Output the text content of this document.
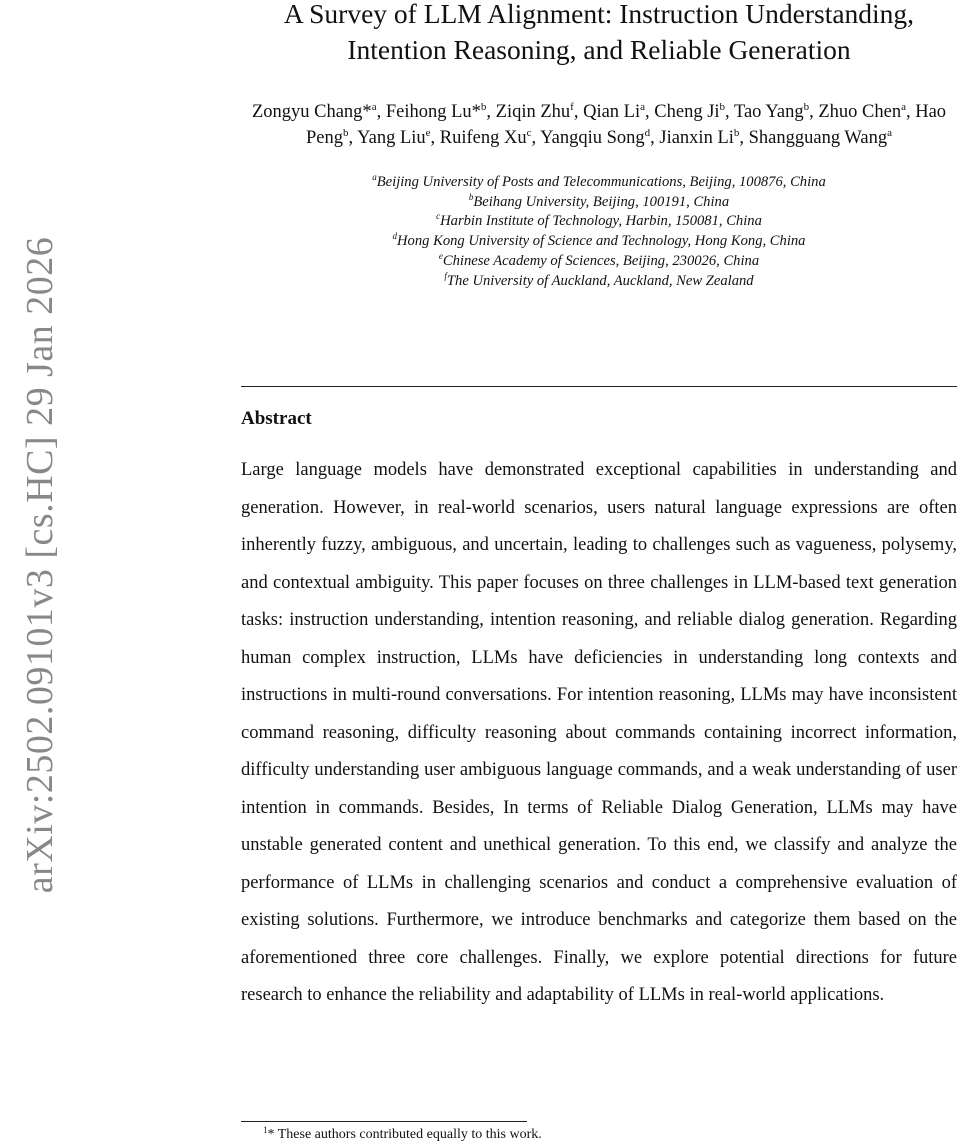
arXiv:2502.09101v3 [cs.HC] 29 Jan 2026
A Survey of LLM Alignment: Instruction Understanding, Intention Reasoning, and Reliable Generation
Zongyu Chang*$^a$, Feihong Lu*$^b$, Ziqin Zhu$^f$, Qian Li$^a$, Cheng Ji$^b$, Tao Yang$^b$, Zhuo Chen$^a$, Hao Peng$^b$, Yang Liu$^e$, Ruifeng Xu$^c$, Yangqiu Song$^d$, Jianxin Li$^b$, Shangguang Wang$^a$
$^a$Beijing University of Posts and Telecommunications, Beijing, 100876, China
$^b$Beihang University, Beijing, 100191, China
$^c$Harbin Institute of Technology, Harbin, 150081, China
$^d$Hong Kong University of Science and Technology, Hong Kong, China
$^e$Chinese Academy of Sciences, Beijing, 230026, China
$^f$The University of Auckland, Auckland, New Zealand
Abstract
Large language models have demonstrated exceptional capabilities in understanding and generation. However, in real-world scenarios, users natural language expressions are often inherently fuzzy, ambiguous, and uncertain, leading to challenges such as vagueness, polysemy, and contextual ambiguity. This paper focuses on three challenges in LLM-based text generation tasks: instruction understanding, intention reasoning, and reliable dialog generation. Regarding human complex instruction, LLMs have deficiencies in understanding long contexts and instructions in multi-round conversations. For intention reasoning, LLMs may have inconsistent command reasoning, difficulty reasoning about commands containing incorrect information, difficulty understanding user ambiguous language commands, and a weak understanding of user intention in commands. Besides, In terms of Reliable Dialog Generation, LLMs may have unstable generated content and unethical generation. To this end, we classify and analyze the performance of LLMs in challenging scenarios and conduct a comprehensive evaluation of existing solutions. Furthermore, we introduce benchmarks and categorize them based on the aforementioned three core challenges. Finally, we explore potential directions for future research to enhance the reliability and adaptability of LLMs in real-world applications.
$^1$* These authors contributed equally to this work.
